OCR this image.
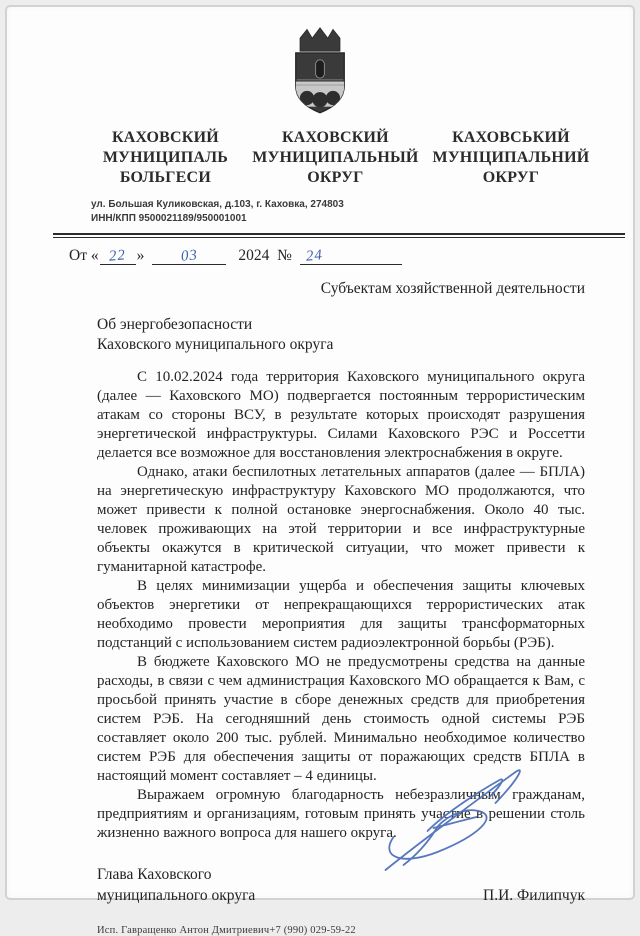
КАХОВСКИЙ МУНИЦИПАЛЬ БОЛЬГЕСИ
КАХОВСКИЙ МУНИЦИПАЛЬНЫЙ ОКРУГ
КАХОВСЬКИЙ МУНІЦИПАЛЬНИЙ ОКРУГ
ул. Большая Куликовская, д.103, г. Каховка, 274803
ИНН/КПП 9500021189/950001001
От « 22 » 03	2024 № 24
Субъектам хозяйственной деятельности
Об энергобезопасности
Каховского муниципального округа

С 10.02.2024 года территория Каховского муниципального округа (далее — Каховского МО) подвергается постоянным террористическим атакам со стороны ВСУ, в результате которых происходят разрушения энергетической инфраструктуры. Силами Каховского РЭС и Россетти делается все возможное для восстановления электроснабжения в округе.

Однако, атаки беспилотных летательных аппаратов (далее — БПЛА) на энергетическую инфраструктуру Каховского МО продолжаются, что может привести к полной остановке энергоснабжения. Около 40 тыс. человек проживающих на этой территории и все инфраструктурные объекты окажутся в критической ситуации, что может привести к гуманитарной катастрофе.

В целях минимизации ущерба и обеспечения защиты ключевых объектов энергетики от непрекращающихся террористических атак необходимо провести мероприятия для защиты трансформаторных подстанций с использованием систем радиоэлектронной борьбы (РЭБ).

В бюджете Каховского МО не предусмотрены средства на данные расходы, в связи с чем администрация Каховского МО обращается к Вам, с просьбой принять участие в сборе денежных средств для приобретения систем РЭБ. На сегодняшний день стоимость одной системы РЭБ составляет около 200 тыс. рублей. Минимально необходимое количество систем РЭБ для обеспечения защиты от поражающих средств БПЛА в настоящий момент составляет – 4 единицы.

Выражаем огромную благодарность небезразличным гражданам, предприятиям и организациям, готовым принять участие в решении столь жизненно важного вопроса для нашего округа.

Глава Каховского
муниципального округа	П.И. Филипчук
Исп. Гавращенко Антон Дмитриевич+7 (990) 029-59-22
